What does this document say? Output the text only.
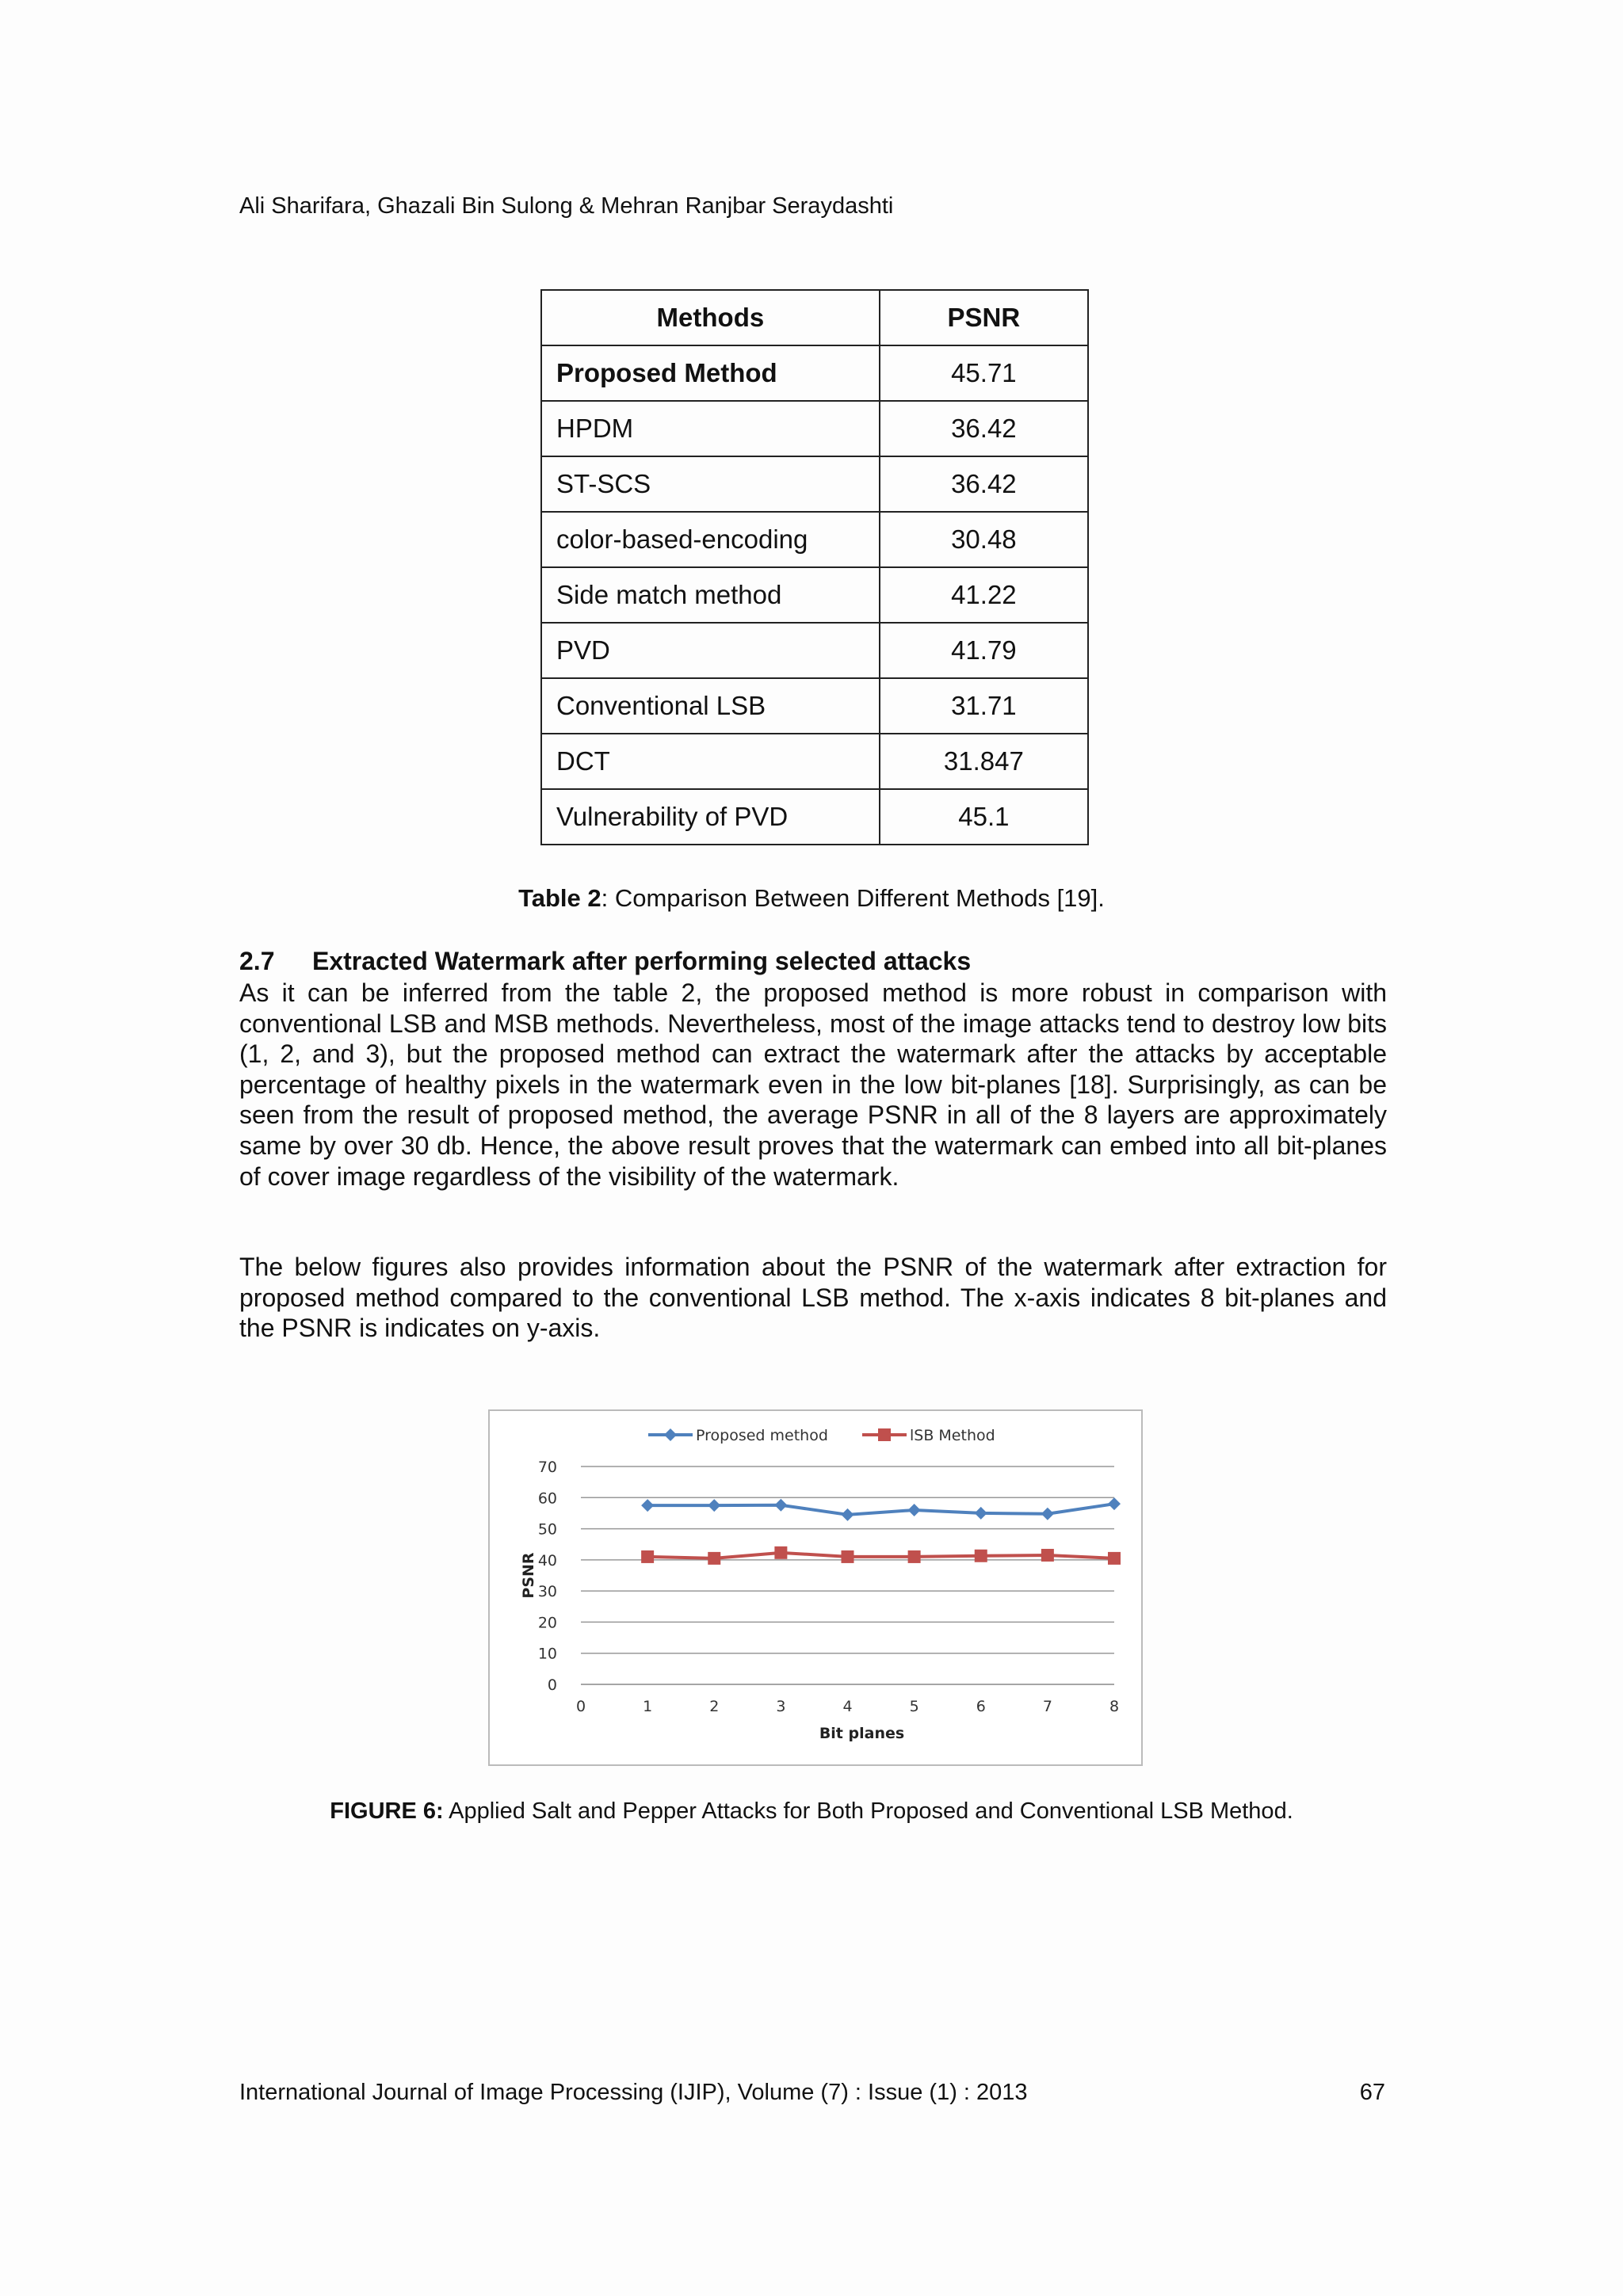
Ali Sharifara, Ghazali Bin Sulong & Mehran Ranjbar Seraydashti
Methods	PSNR
Proposed Method	45.71
HPDM	36.42
ST-SCS	36.42
color-based-encoding	30.48
Side match method	41.22
PVD	41.79
Conventional LSB	31.71
DCT	31.847
Vulnerability of PVD	45.1
Table 2: Comparison Between Different Methods [19].
2.7 Extracted Watermark after performing selected attacks
As it can be inferred from the table 2, the proposed method is more robust in comparison with conventional LSB and MSB methods. Nevertheless, most of the image attacks tend to destroy low bits (1, 2, and 3), but the proposed method can extract the watermark after the attacks by acceptable percentage of healthy pixels in the watermark even in the low bit-planes [18]. Surprisingly, as can be seen from the result of proposed method, the average PSNR in all of the 8 layers are approximately same by over 30 db. Hence, the above result proves that the watermark can embed into all bit-planes of cover image regardless of the visibility of the watermark.
The below figures also provides information about the PSNR of the watermark after extraction for proposed method compared to the conventional LSB method. The x-axis indicates 8 bit-planes and the PSNR is indicates on y-axis.
0
10
20
30
40
50
60
70
0	1	2	3	4	5	6	7	8
Bit planes
PSNR
Proposed method	lSB Method
FIGURE 6: Applied Salt and Pepper Attacks for Both Proposed and Conventional LSB Method.
International Journal of Image Processing (IJIP), Volume (7) : Issue (1) : 2013	67
